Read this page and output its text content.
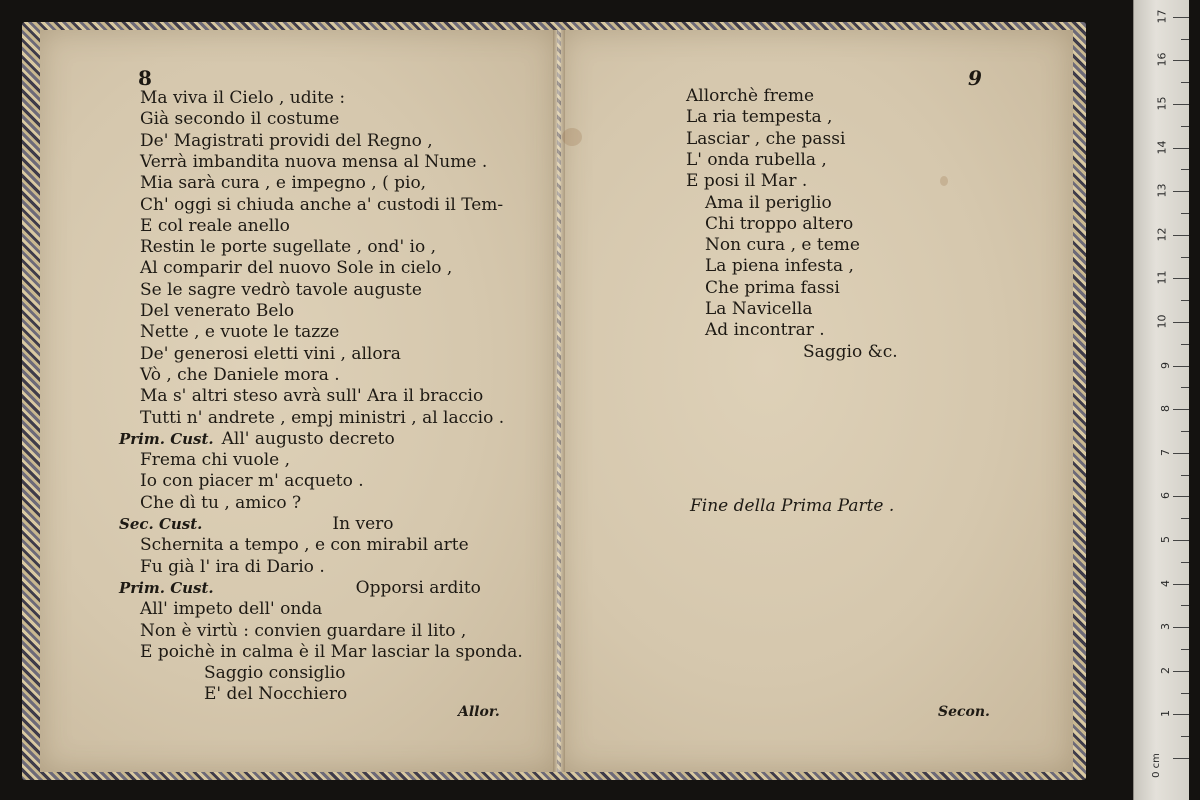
8	9
Ma viva il Cielo , udite :
Già secondo il costume
De' Magistrati providi del Regno ,
Verrà imbandita nuova mensa al Nume .
Mia sarà cura , e impegno , ( pio,
Ch' oggi si chiuda anche a' custodi il Tem-
E col reale anello
Restin le porte sugellate , ond' io ,
Al comparir del nuovo Sole in cielo ,
Se le sagre vedrò tavole auguste
Del venerato Belo
Nette , e vuote le tazze
De' generosi eletti vini , allora
Vò , che Daniele mora .
Ma s' altri steso avrà sull' Ara il braccio
Tutti n' andrete , empj ministri , al laccio .
Prim. Cust. All' augusto decreto
Frema chi vuole ,
Io con piacer m' acqueto .
Che dì tu , amico ?
Sec. Cust.	In vero
Schernita a tempo , e con mirabil arte
Fu già l' ira di Dario .
Prim. Cust.	Opporsi ardito
All' impeto dell' onda
Non è virtù : convien guardare il lito ,
E poichè in calma è il Mar lasciar la sponda.
Saggio consiglio
E' del Nocchiero
Allorchè freme
La ria tempesta ,
Lasciar , che passi
L' onda rubella ,
E posi il Mar .
Ama il periglio
Chi troppo altero
Non cura , e teme
La piena infesta ,
Che prima fassi
La Navicella
Ad incontrar .
Saggio &c.
Allor.
Fine della Prima Parte .
Secon.
0 cm
1
2
3
4
5
6
7
8
9
10
11
12
13
14
15
16
17
